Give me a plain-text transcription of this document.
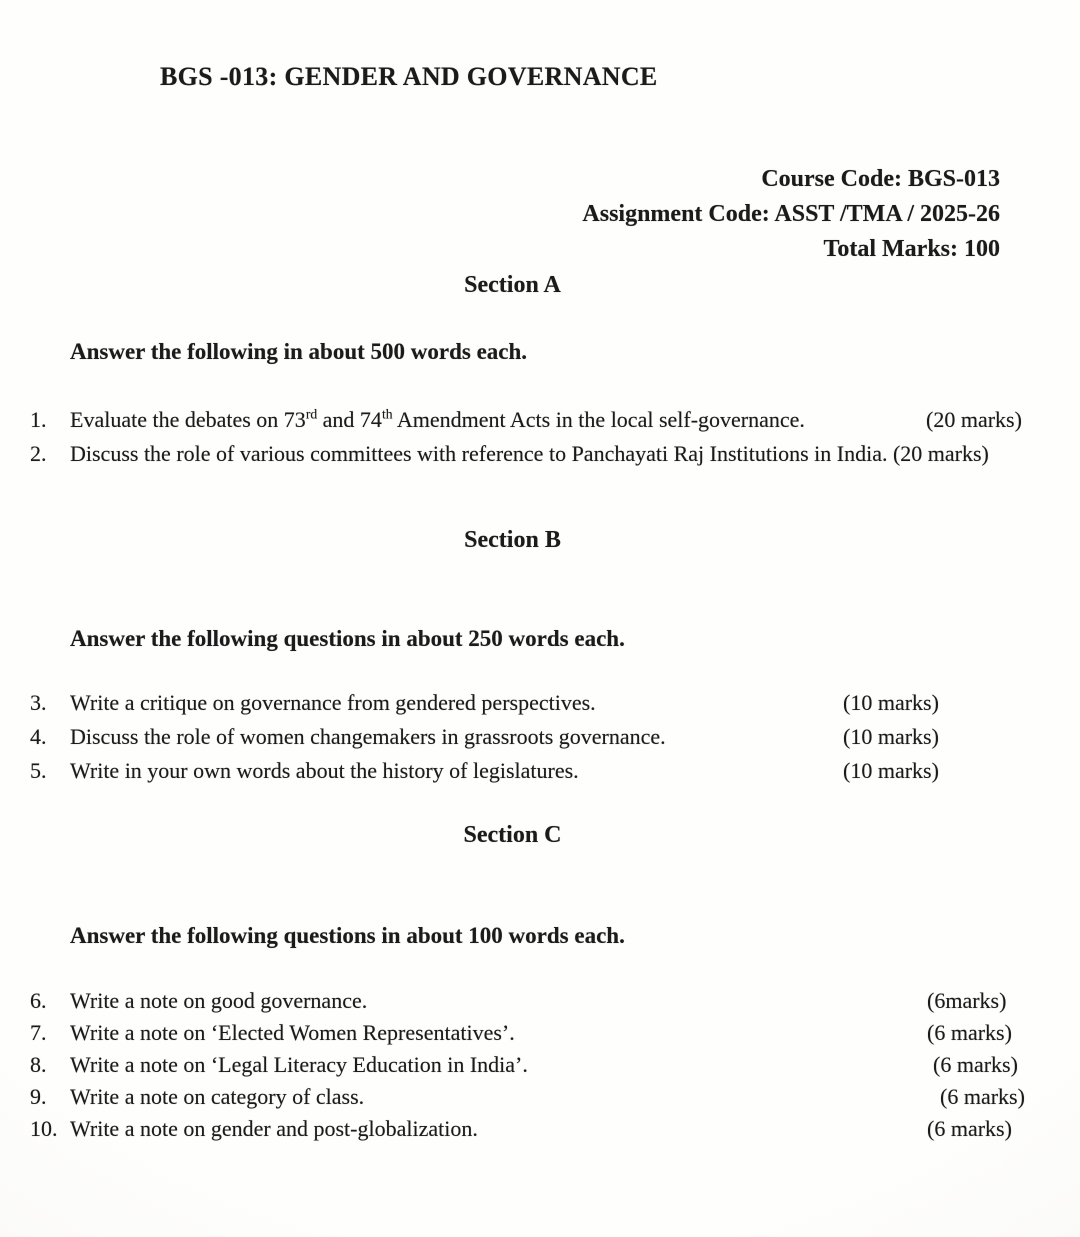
BGS -013: GENDER AND GOVERNANCE
Course Code: BGS-013
Assignment Code: ASST /TMA / 2025-26
Total Marks: 100
Section A

Answer the following in about 500 words each.

1.	Evaluate the debates on 73rd and 74th Amendment Acts in the local self-governance.	(20 marks)
2.	Discuss the role of various committees with reference to Panchayati Raj Institutions in India. (20 marks)
Section B

Answer the following questions in about 250 words each.

3.	Write a critique on governance from gendered perspectives.	(10 marks)
4.	Discuss the role of women changemakers in grassroots governance.	(10 marks)
5.	Write in your own words about the history of legislatures.	(10 marks)
Section C

Answer the following questions in about 100 words each.

6.	Write a note on good governance.	(6marks)
7.	Write a note on ‘Elected Women Representatives’.	(6 marks)
8.	Write a note on ‘Legal Literacy Education in India’.	(6 marks)
9.	Write a note on category of class.	(6 marks)
10. Write a note on gender and post-globalization.	(6 marks)
